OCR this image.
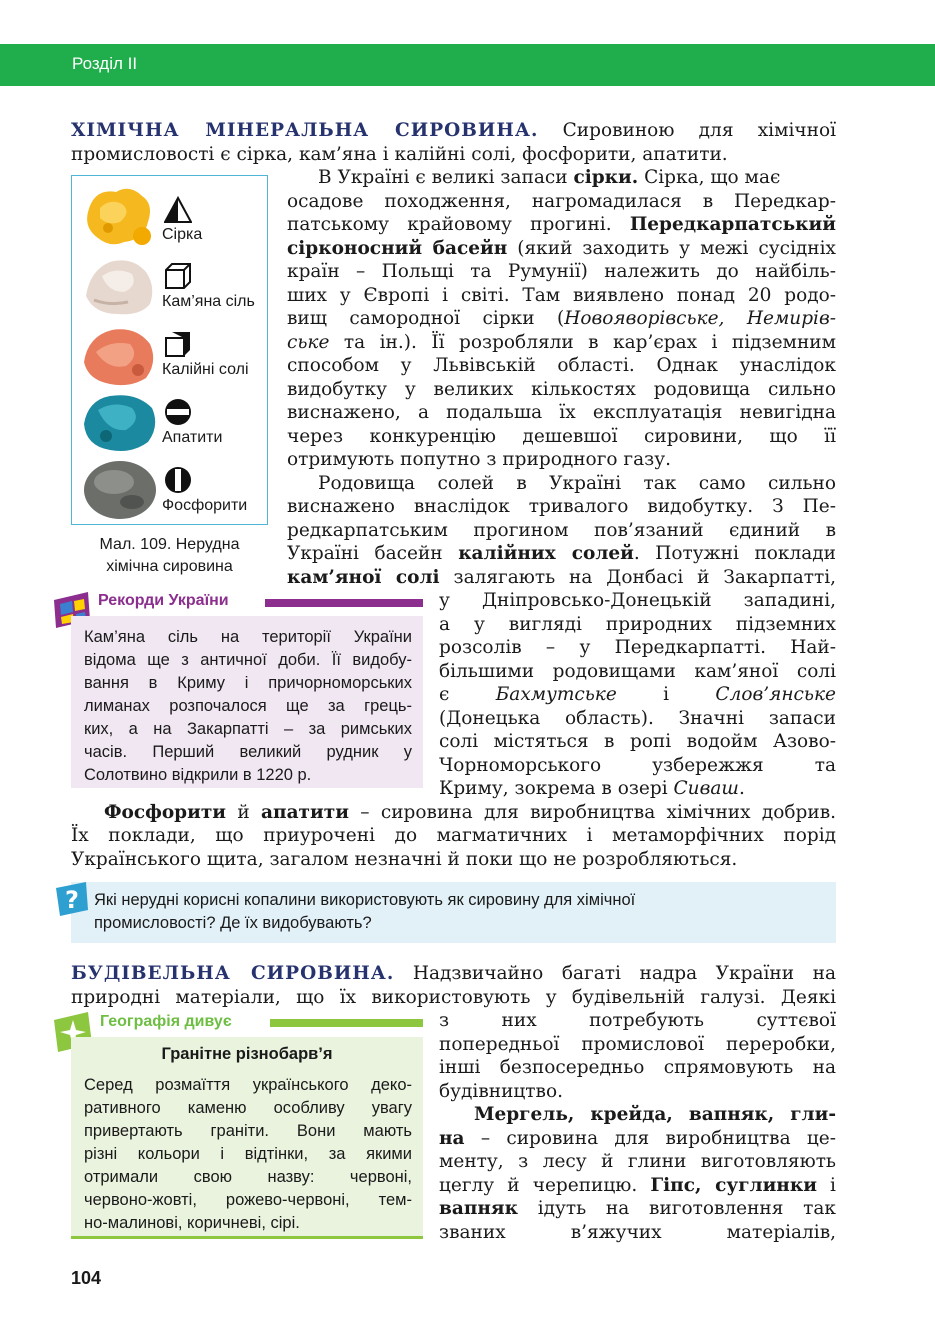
Розділ II
ХІМІЧНА МІНЕРАЛЬНА СИРОВИНА. Сировиною для хімічної
промисловості є сірка, кам’яна і калійні солі, фосфорити, апатити.
В Україні є великі запаси сірки. Сірка, що має
осадове походження, нагромадилася в Передкар-
патському крайовому прогині. Передкарпатський
сірконосний басейн (який заходить у межі сусідніх
країн – Польщі та Румунії) належить до найбіль-
ших у Європі і світі. Там виявлено понад 20 родо-
вищ самородної сірки (Новояворівське, Немирів-
ське та ін.). Її розробляли в кар’єрах і підземним
способом у Львівській області. Однак унаслідок
видобутку у великих кількостях родовища сильно
виснажено, а подальша їх експлуатація невигідна
через конкуренцію дешевшої сировини, що її
отримують попутно з природного газу.
Родовища солей в Україні так само сильно
виснажено внаслідок тривалого видобутку. З Пе-
редкарпатським прогином пов’язаний єдиний в
Україні басейн калійних солей. Потужні поклади
кам’яної солі залягають на Донбасі й Закарпатті,
у Дніпровсько-Донецькій западині,
а у вигляді природних підземних
розсолів – у Передкарпатті. Най-
більшими родовищами кам’яної солі
є	Бахмутське	і	Слов’янське
(Донецька область). Значні запаси
солі містяться в ропі водойм Азово-
Чорноморського	узбережжя	та
Криму, зокрема в озері Сиваш.
Фосфорити й апатити – сировина для виробництва хімічних добрив.
Їх поклади, що приурочені до магматичних і метаморфічних порід
Українського щита, загалом незначні й поки що не розробляються.
Сірка
Кам’яна сіль
Калійні солі
Апатити
Фосфорити
Мал. 109. Нерудна
хімічна сировина
Рекорди України
Кам’яна сіль на території України
відома ще з античної доби. Її видобу-
вання в Криму і причорноморських
лиманах розпочалося ще за грець-
ких, а на Закарпатті – за римських
часів. Перший великий рудник у
Солотвино відкрили в 1220 р.
? Які нерудні корисні копалини використовують як сировину для хімічної
промисловості? Де їх видобувають?
БУДІВЕЛЬНА СИРОВИНА. Надзвичайно багаті надра України на
природні матеріали, що їх використовують у будівельній галузі. Деякі
з них потребують суттєвої
попередньої промислової переробки,
інші безпосередньо спрямовують на
будівництво.
Мергель, крейда, вапняк, гли-
на – сировина для виробництва це-
менту, з лесу й глини виготовляють
цеглу й черепицю. Гіпс, суглинки і
вапняк ідуть на виготовлення так
званих в’яжучих матеріалів,
Географія дивує
Гранітне різнобарв’я
Серед розмаїття українського деко-
ративного каменю особливу увагу
привертають граніти. Вони мають
різні кольори і відтінки, за якими
отримали свою назву: червоні,
червоно-жовті, рожево-червоні, тем-
но-малинові, коричневі, сірі.
104
